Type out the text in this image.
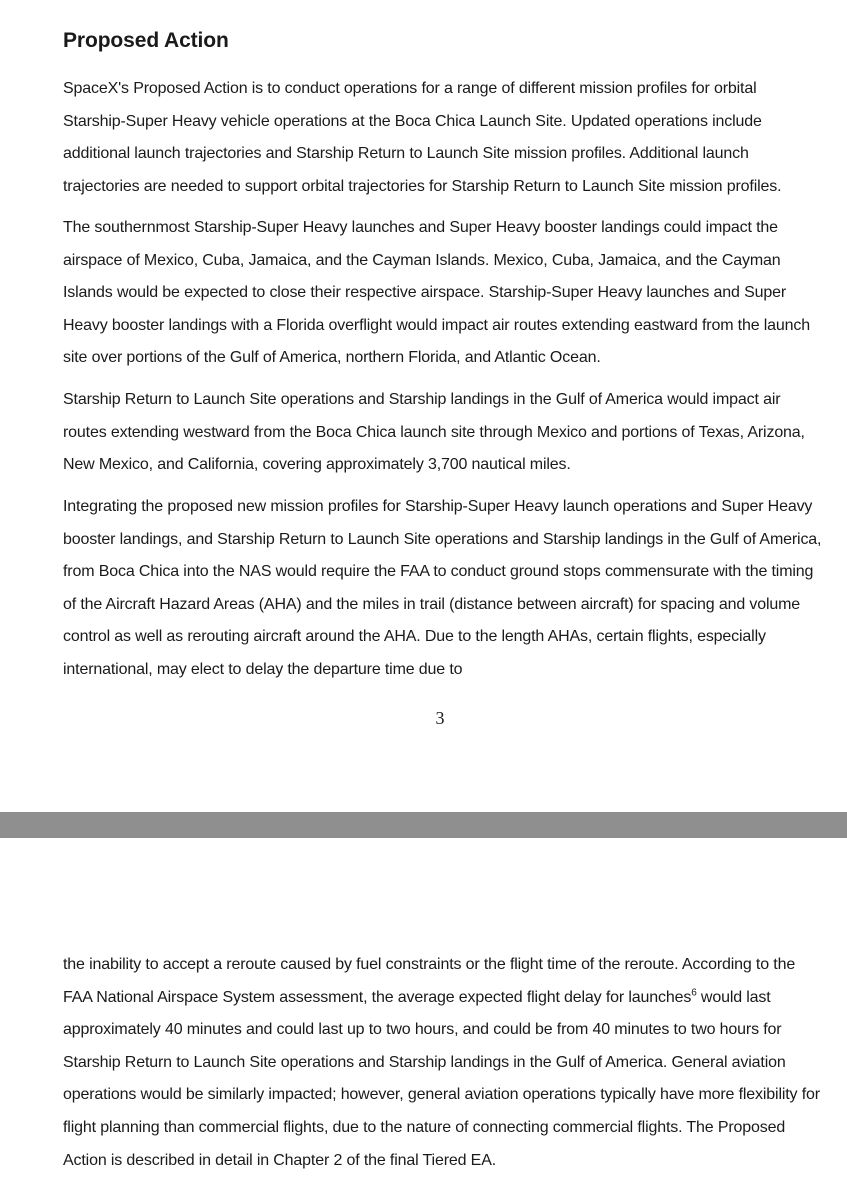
Proposed Action

SpaceX's Proposed Action is to conduct operations for a range of different mission profiles for orbital Starship-Super Heavy vehicle operations at the Boca Chica Launch Site. Updated operations include additional launch trajectories and Starship Return to Launch Site mission profiles. Additional launch trajectories are needed to support orbital trajectories for Starship Return to Launch Site mission profiles.

The southernmost Starship-Super Heavy launches and Super Heavy booster landings could impact the airspace of Mexico, Cuba, Jamaica, and the Cayman Islands. Mexico, Cuba, Jamaica, and the Cayman Islands would be expected to close their respective airspace. Starship-Super Heavy launches and Super Heavy booster landings with a Florida overflight would impact air routes extending eastward from the launch site over portions of the Gulf of America, northern Florida, and Atlantic Ocean.

Starship Return to Launch Site operations and Starship landings in the Gulf of America would impact air routes extending westward from the Boca Chica launch site through Mexico and portions of Texas, Arizona, New Mexico, and California, covering approximately 3,700 nautical miles.

Integrating the proposed new mission profiles for Starship-Super Heavy launch operations and Super Heavy booster landings, and Starship Return to Launch Site operations and Starship landings in the Gulf of America, from Boca Chica into the NAS would require the FAA to conduct ground stops commensurate with the timing of the Aircraft Hazard Areas (AHA) and the miles in trail (distance between aircraft) for spacing and volume control as well as rerouting aircraft around the AHA. Due to the length AHAs, certain flights, especially international, may elect to delay the departure time due to

3

the inability to accept a reroute caused by fuel constraints or the flight time of the reroute. According to the FAA National Airspace System assessment, the average expected flight delay for launches$^6$ would last approximately 40 minutes and could last up to two hours, and could be from 40 minutes to two hours for Starship Return to Launch Site operations and Starship landings in the Gulf of America. General aviation operations would be similarly impacted; however, general aviation operations typically have more flexibility for flight planning than commercial flights, due to the nature of connecting commercial flights. The Proposed Action is described in detail in Chapter 2 of the final Tiered EA.
